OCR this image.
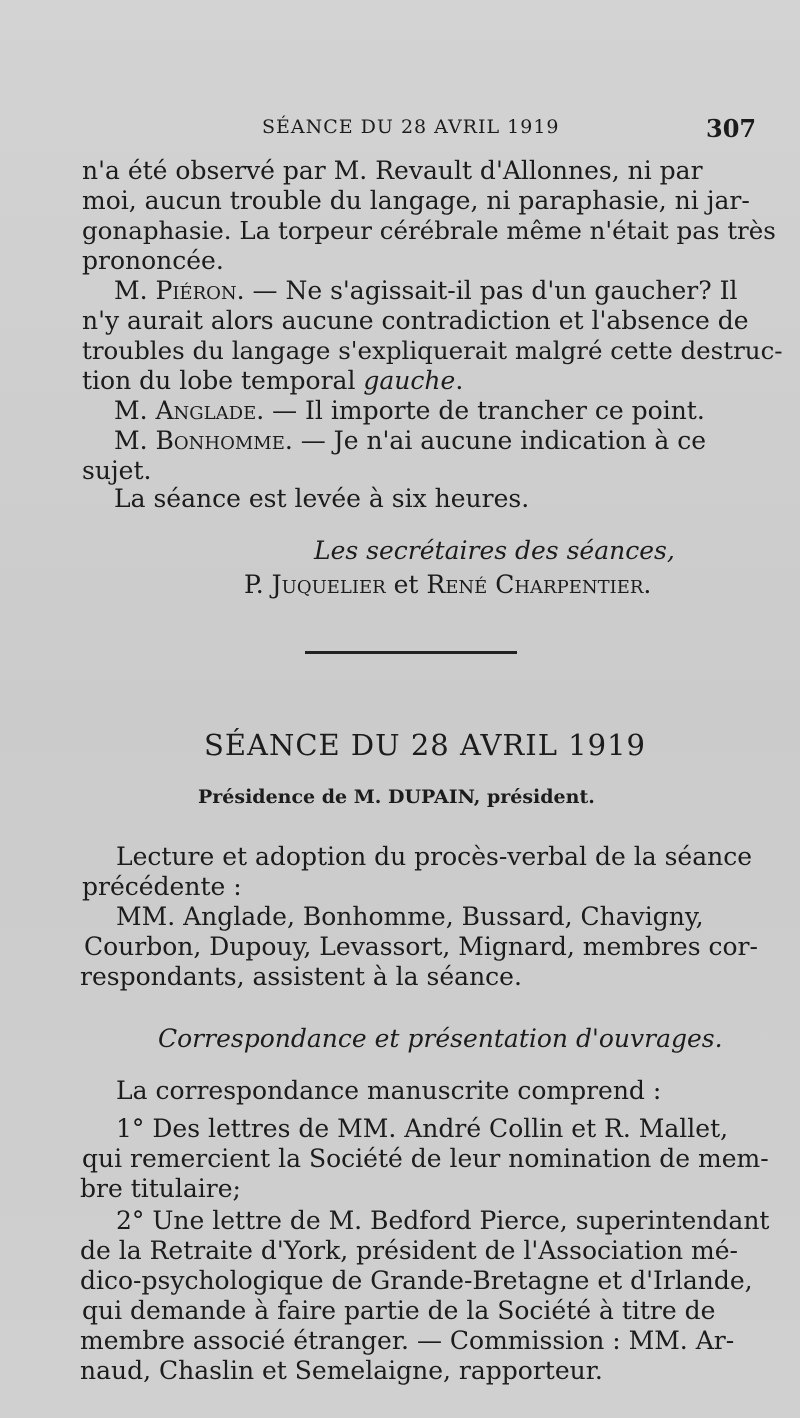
SÉANCE DU 28 AVRIL 1919	307
n'a été observé par M. Revault d'Allonnes, ni par
moi, aucun trouble du langage, ni paraphasie, ni jar-
gonaphasie. La torpeur cérébrale même n'était pas très
prononcée.
M. Piéron. — Ne s'agissait-il pas d'un gaucher? Il
n'y aurait alors aucune contradiction et l'absence de
troubles du langage s'expliquerait malgré cette destruc-
tion du lobe temporal gauche.
M. Anglade. — Il importe de trancher ce point.
M. Bonhomme. — Je n'ai aucune indication à ce
sujet.
La séance est levée à six heures.
Les secrétaires des séances,
P. Juquelier et René Charpentier.
SÉANCE DU 28 AVRIL 1919
Présidence de M. DUPAIN, président.
Lecture et adoption du procès-verbal de la séance
précédente :
MM. Anglade, Bonhomme, Bussard, Chavigny,
Courbon, Dupouy, Levassort, Mignard, membres cor-
respondants, assistent à la séance.
Correspondance et présentation d'ouvrages.
La correspondance manuscrite comprend :
1° Des lettres de MM. André Collin et R. Mallet,
qui remercient la Société de leur nomination de mem-
bre titulaire;
2° Une lettre de M. Bedford Pierce, superintendant
de la Retraite d'York, président de l'Association mé-
dico-psychologique de Grande-Bretagne et d'Irlande,
qui demande à faire partie de la Société à titre de
membre associé étranger. — Commission : MM. Ar-
naud, Chaslin et Semelaigne, rapporteur.
